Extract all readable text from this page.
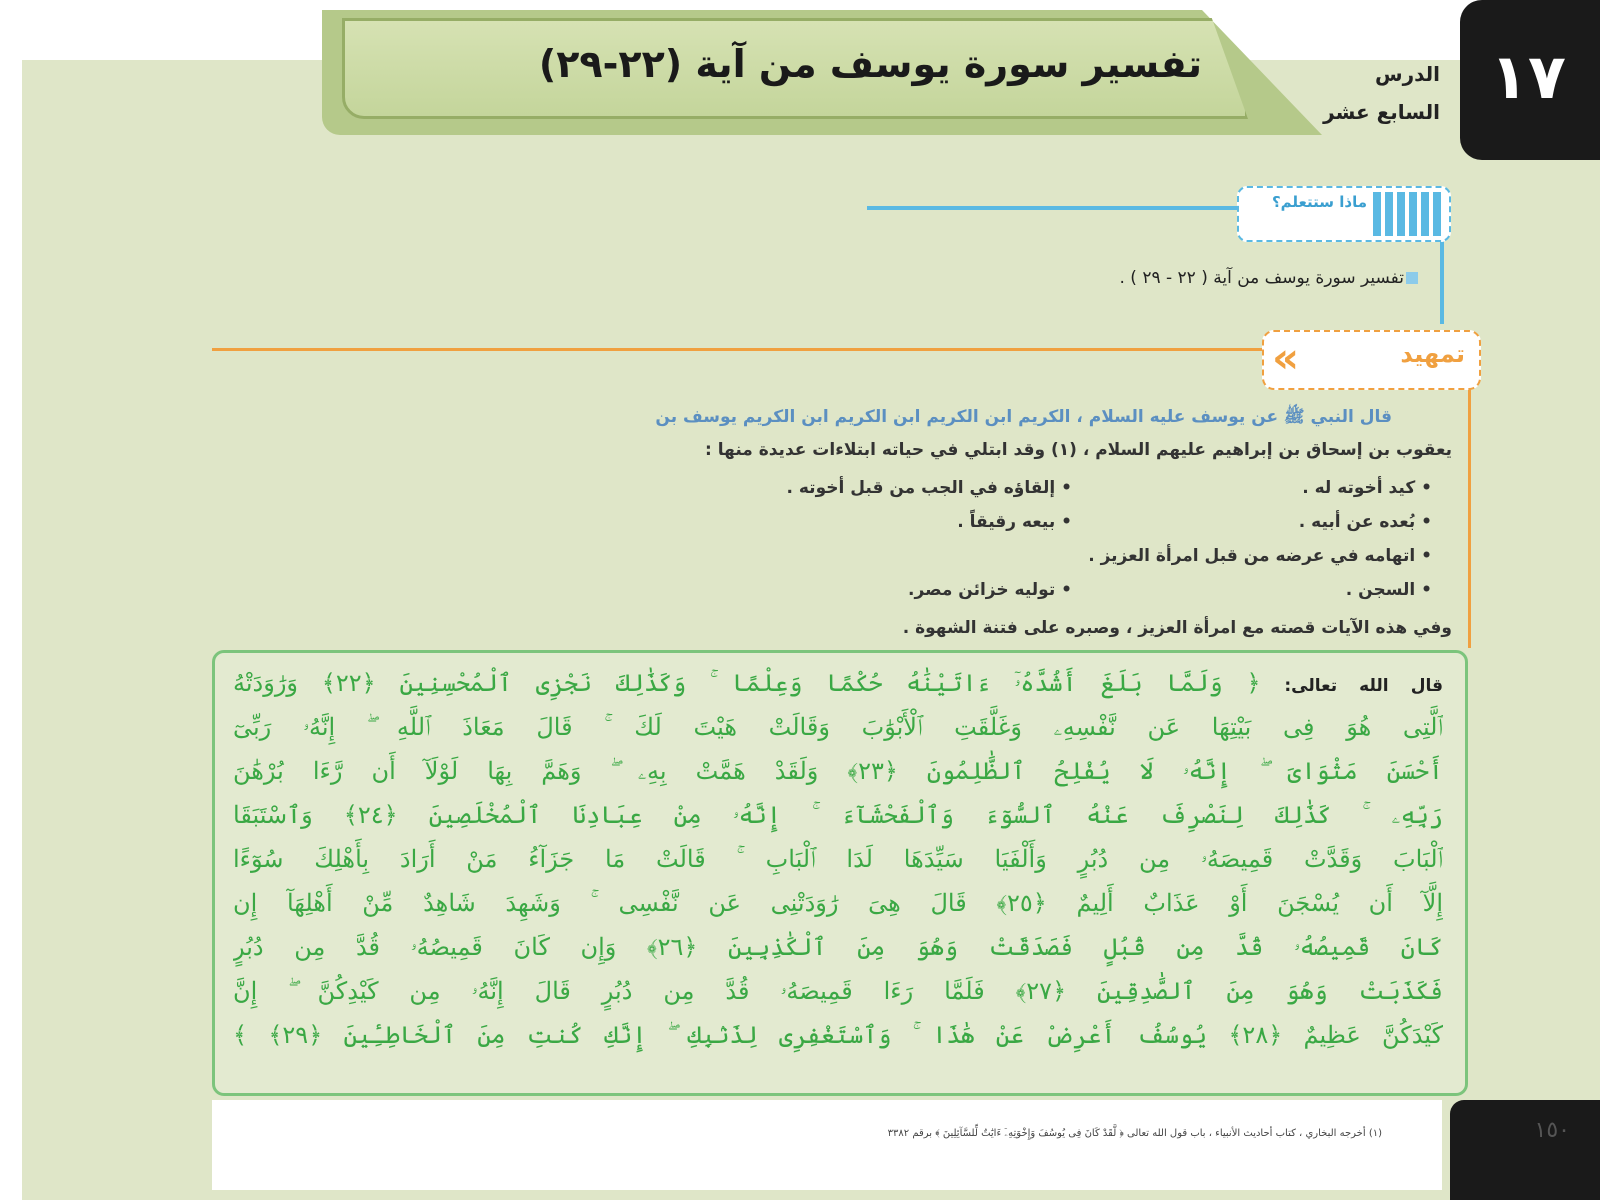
تفسير سورة يوسف من آية (٢٢-٢٩)	١٧
الدرس
السابع عشر
ماذا ستتعلم؟
تفسير سورة يوسف من آية ( ٢٢ - ٢٩ ) .
«	تمهيد
قال النبي ﷺ عن يوسف عليه السلام ، الكريم ابن الكريم ابن الكريم ابن الكريم يوسف بن
يعقوب بن إسحاق بن إبراهيم عليهم السلام ، (١) وقد ابتلي في حياته ابتلاءات عديدة منها :
• كيد أخوته له .
• إلقاؤه في الجب من قبل أخوته .
• بُعده عن أبيه .
• بيعه رقيقاً .
• اتهامه في عرضه من قبل امرأة العزيز .
• السجن .
• توليه خزائن مصر.
وفي هذه الآيات قصته مع امرأة العزيز ، وصبره على فتنة الشهوة .
قال الله تعالى: ﴿ وَلَمَّا بَلَغَ أَشُدَّهُۥٓ ءَاتَيْنَٰهُ حُكْمًا وَعِلْمًا ۚ وَكَذَٰلِكَ نَجْزِى ٱلْمُحْسِنِينَ ﴿٢٢﴾ وَرَٰوَدَتْهُ
ٱلَّتِى هُوَ فِى بَيْتِهَا عَن نَّفْسِهِۦ وَغَلَّقَتِ ٱلْأَبْوَٰبَ وَقَالَتْ هَيْتَ لَكَ ۚ قَالَ مَعَاذَ ٱللَّهِ ۖ إِنَّهُۥ رَبِّىٓ
أَحْسَنَ مَثْوَاىَ ۖ إِنَّهُۥ لَا يُفْلِحُ ٱلظَّٰلِمُونَ ﴿٢٣﴾ وَلَقَدْ هَمَّتْ بِهِۦ ۖ وَهَمَّ بِهَا لَوْلَآ أَن رَّءَا بُرْهَٰنَ
رَبِّهِۦ ۚ كَذَٰلِكَ لِنَصْرِفَ عَنْهُ ٱلسُّوٓءَ وَٱلْفَحْشَآءَ ۚ إِنَّهُۥ مِنْ عِبَادِنَا ٱلْمُخْلَصِينَ ﴿٢٤﴾ وَٱسْتَبَقَا
ٱلْبَابَ وَقَدَّتْ قَمِيصَهُۥ مِن دُبُرٍ وَأَلْفَيَا سَيِّدَهَا لَدَا ٱلْبَابِ ۚ قَالَتْ مَا جَزَآءُ مَنْ أَرَادَ بِأَهْلِكَ سُوٓءًا
إِلَّآ أَن يُسْجَنَ أَوْ عَذَابٌ أَلِيمٌ ﴿٢٥﴾ قَالَ هِىَ رَٰوَدَتْنِى عَن نَّفْسِى ۚ وَشَهِدَ شَاهِدٌ مِّنْ أَهْلِهَآ إِن
كَانَ قَمِيصُهُۥ قُدَّ مِن قُبُلٍ فَصَدَقَتْ وَهُوَ مِنَ ٱلْكَٰذِبِينَ ﴿٢٦﴾ وَإِن كَانَ قَمِيصُهُۥ قُدَّ مِن دُبُرٍ
فَكَذَبَتْ وَهُوَ مِنَ ٱلصَّٰدِقِينَ ﴿٢٧﴾ فَلَمَّا رَءَا قَمِيصَهُۥ قُدَّ مِن دُبُرٍ قَالَ إِنَّهُۥ مِن كَيْدِكُنَّ ۖ إِنَّ
كَيْدَكُنَّ عَظِيمٌ ﴿٢٨﴾ يُوسُفُ أَعْرِضْ عَنْ هَٰذَا ۚ وَٱسْتَغْفِرِى لِذَنۢبِكِ ۖ إِنَّكِ كُنتِ مِنَ ٱلْخَاطِـِٔينَ ﴿٢٩﴾ ﴾
(١) أخرجه البخاري ، كتاب أحاديث الأنبياء ، باب قول الله تعالى ﴿ لَّقَدْ كَانَ فِى يُوسُفَ وَإِخْوَتِهِۦٓ ءَايَٰتٌ لِّلسَّآئِلِينَ ﴾ برقم ٣٣٨٢	١٥٠
